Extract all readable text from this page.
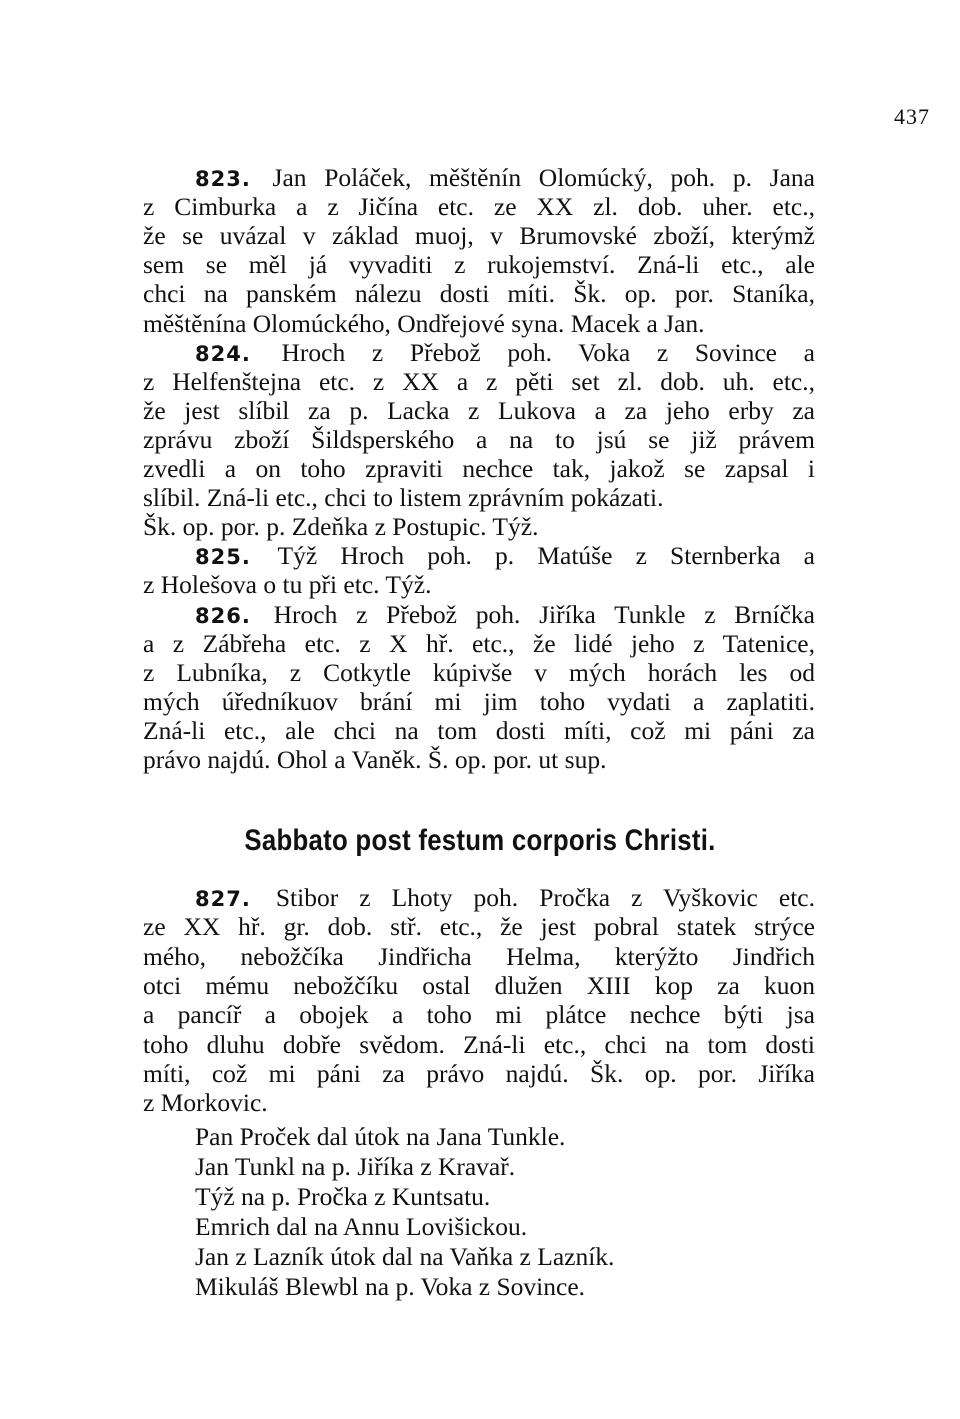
437
823. Jan Poláček, měštěnín Olomúcký, poh. p. Jana
z Cimburka a z Jičína etc. ze XX zl. dob. uher. etc.,
že se uvázal v základ muoj, v Brumovské zboží, kterýmž
sem se měl já vyvaditi z rukojemství. Zná-li etc., ale
chci na panském nálezu dosti míti. Šk. op. por. Staníka,
měštěnína Olomúckého, Ondřejové syna. Macek a Jan.
824. Hroch z Přebož poh. Voka z Sovince a
z Helfenštejna etc. z XX a z pěti set zl. dob. uh. etc.,
že jest slíbil za p. Lacka z Lukova a za jeho erby za
zprávu zboží Šildsperského a na to jsú se již právem
zvedli a on toho zpraviti nechce tak, jakož se zapsal i
slíbil. Zná-li etc., chci to listem zprávním pokázati.
Šk. op. por. p. Zdeňka z Postupic. Týž.
825. Týž Hroch poh. p. Matúše z Sternberka a
z Holešova o tu při etc. Týž.
826. Hroch z Přebož poh. Jiříka Tunkle z Brníčka
a z Zábřeha etc. z X hř. etc., že lidé jeho z Tatenice,
z Lubníka, z Cotkytle kúpivše v mých horách les od
mých úředníkuov brání mi jim toho vydati a zaplatiti.
Zná-li etc., ale chci na tom dosti míti, což mi páni za
právo najdú. Ohol a Vaněk. Š. op. por. ut sup.
Sabbato post festum corporis Christi.
827. Stibor z Lhoty poh. Pročka z Vyškovic etc.
ze XX hř. gr. dob. stř. etc., že jest pobral statek strýce
mého, nebožčíka Jindřicha Helma, kterýžto Jindřich
otci mému nebožčíku ostal dlužen XIII kop za kuon
a pancíř a obojek a toho mi plátce nechce býti jsa
toho dluhu dobře svědom. Zná-li etc., chci na tom dosti
míti, což mi páni za právo najdú. Šk. op. por. Jiříka
z Morkovic.
Pan Proček dal útok na Jana Tunkle.
Jan Tunkl na p. Jiříka z Kravař.
Týž na p. Pročka z Kuntsatu.
Emrich dal na Annu Lovišickou.
Jan z Lazník útok dal na Vaňka z Lazník.
Mikuláš Blewbl na p. Voka z Sovince.
